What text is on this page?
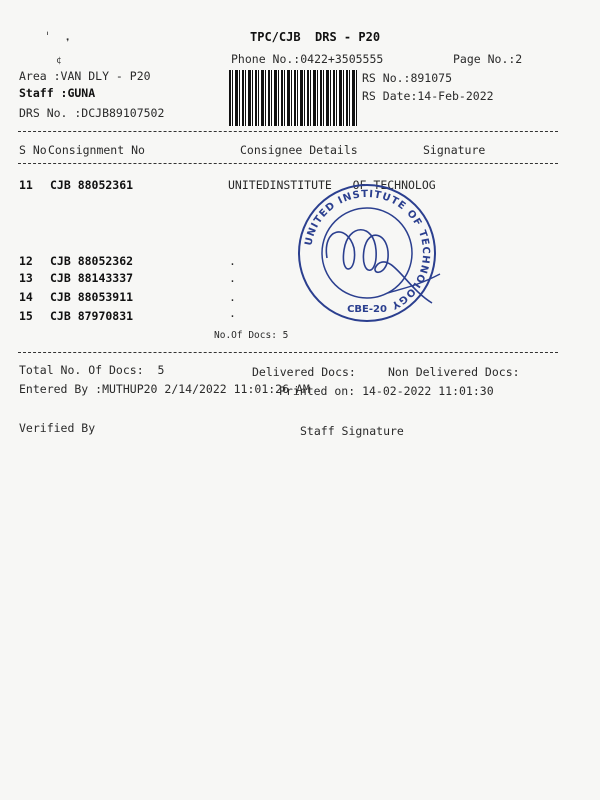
ˈ ❜
¢
TPC/CJB  DRS - P20
Phone No.:0422+3505555	Page No.:2
Area :VAN DLY - P20
Staff :GUNA
DRS No. :DCJB89107502
RS No.:891075
RS Date:14-Feb-2022
S No Consignment No	Consignee Details	Signature
11 CJB 88052361	UNITEDINSTITUTE   OF TECHNOLOG
12 CJB 88052362	.
13 CJB 88143337	.
14 CJB 88053911	.
15 CJB 87970831	.
No.Of Docs: 5
UNITED INSTITUTE OF TECHNOLOGY
CBE-20
Total No. Of Docs:  5	Delivered Docs:	Non Delivered Docs:
Entered By :MUTHUP20 2/14/2022 11:01:26 AM
Printed on: 14-02-2022 11:01:30
Verified By	Staff Signature
